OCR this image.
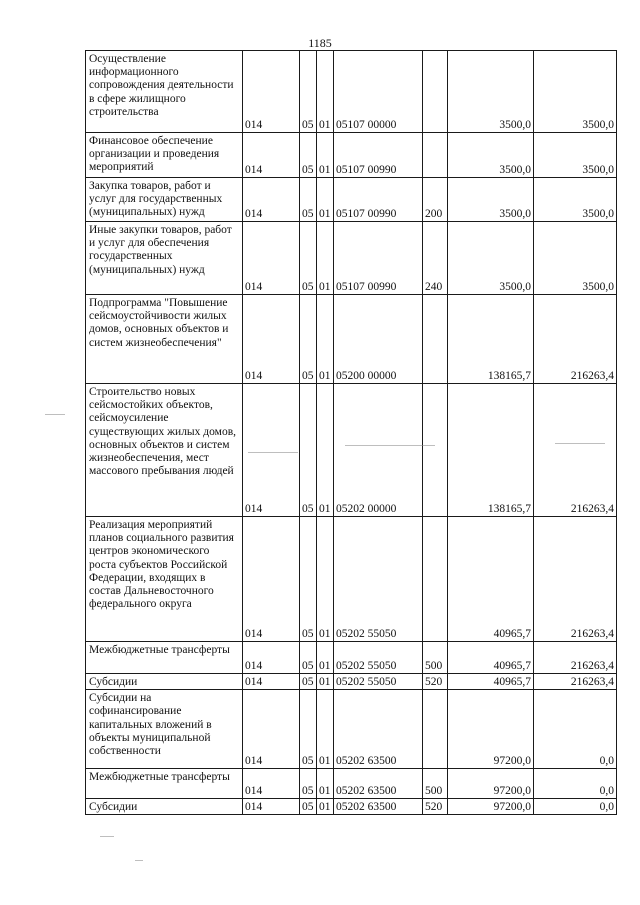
1185
Осуществление информационного сопровождения деятельности в сфере жилищного строительства	014	05	01	05107 00000		3500,0	3500,0
Финансовое обеспечение организации и проведения мероприятий	014	05	01	05107 00990		3500,0	3500,0
Закупка товаров, работ и услуг для государственных (муниципальных) нужд	014	05	01	05107 00990	200	3500,0	3500,0
Иные закупки товаров, работ и услуг для обеспечения государственных (муниципальных) нужд	014	05	01	05107 00990	240	3500,0	3500,0
Подпрограмма "Повышение сейсмоустойчивости жилых домов, основных объектов и систем жизнеобеспечения"	014	05	01	05200 00000		138165,7	216263,4
Строительство новых сейсмостойких объектов, сейсмоусиление существующих жилых домов, основных объектов и систем жизнеобеспечения, мест массового пребывания людей	014	05	01	05202 00000		138165,7	216263,4
Реализация мероприятий планов социального развития центров экономического роста субъектов Российской Федерации, входящих в состав Дальневосточного федерального округа	014	05	01	05202 55050		40965,7	216263,4
Межбюджетные трансферты	014	05	01	05202 55050	500	40965,7	216263,4
Субсидии	014	05	01	05202 55050	520	40965,7	216263,4
Субсидии на софинансирование капитальных вложений в объекты муниципальной собственности	014	05	01	05202 63500		97200,0	0,0
Межбюджетные трансферты	014	05	01	05202 63500	500	97200,0	0,0
Субсидии	014	05	01	05202 63500	520	97200,0	0,0
